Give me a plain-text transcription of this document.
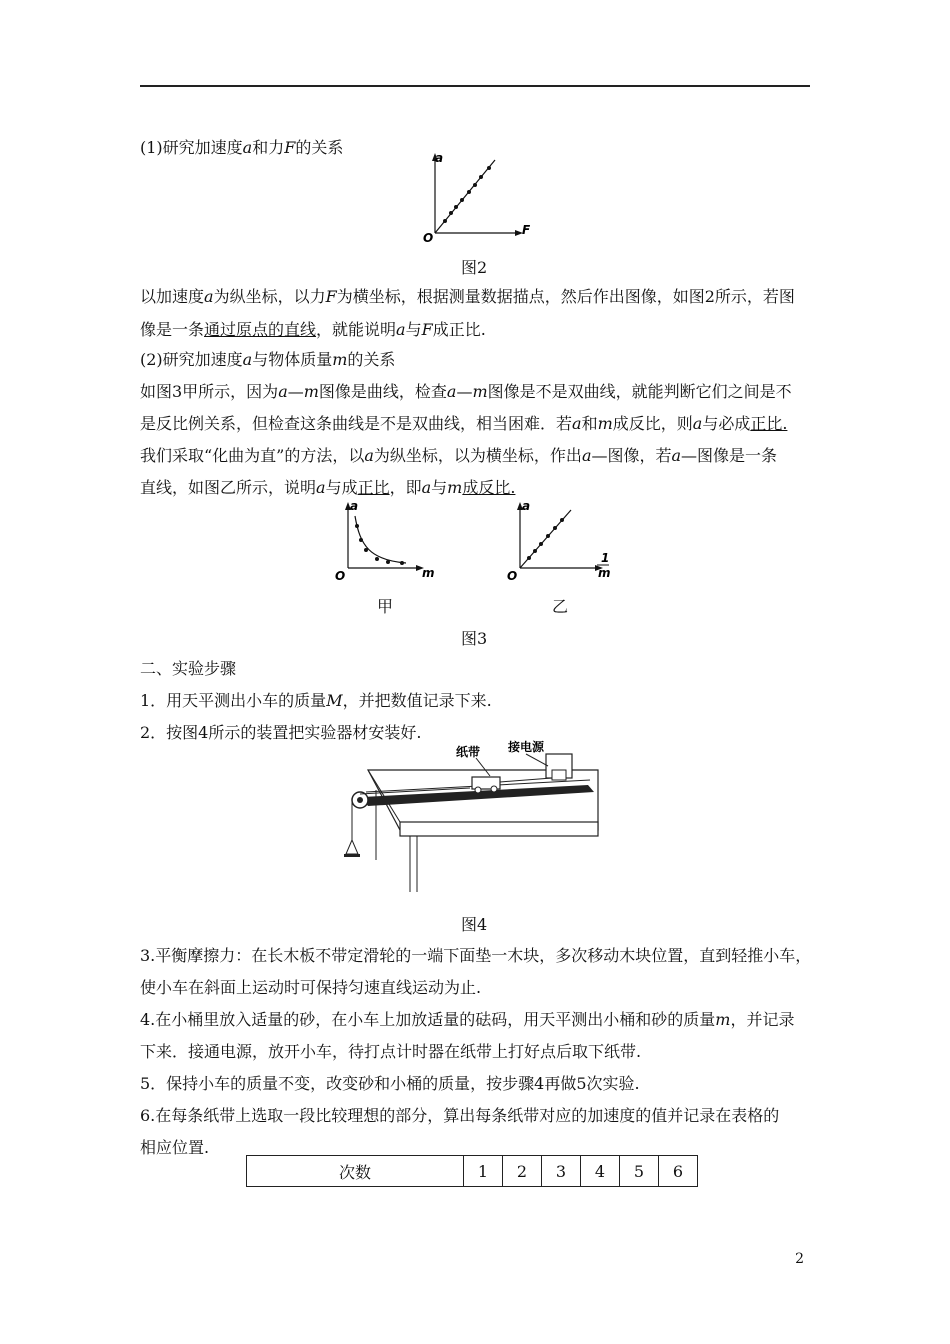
(1)研究加速度a和力F的关系
a
F
O
图2
以加速度a为纵坐标，以力F为横坐标，根据测量数据描点，然后作出图像，如图2所示，若图
像是一条通过原点的直线，就能说明a与F成正比.
(2)研究加速度a与物体质量m的关系
如图3甲所示，因为a—m图像是曲线，检查a—m图像是不是双曲线，就能判断它们之间是不
是反比例关系，但检查这条曲线是不是双曲线，相当困难．若a和m成反比，则a与必成正比.
我们采取“化曲为直”的方法，以a为纵坐标，以为横坐标，作出a—图像，若a—图像是一条
直线，如图乙所示，说明a与成正比，即a与m成反比.
a
m
O
甲
a
1
m
O
乙
图3
二、实验步骤
1．用天平测出小车的质量M，并把数值记录下来.
2．按图4所示的装置把实验器材安装好.
纸带 接电源
图4
3.平衡摩擦力：在长木板不带定滑轮的一端下面垫一木块，多次移动木块位置，直到轻推小车，
使小车在斜面上运动时可保持匀速直线运动为止.
4.在小桶里放入适量的砂，在小车上加放适量的砝码，用天平测出小桶和砂的质量m，并记录
下来．接通电源，放开小车，待打点计时器在纸带上打好点后取下纸带.
5．保持小车的质量不变，改变砂和小桶的质量，按步骤4再做5次实验.
6.在每条纸带上选取一段比较理想的部分，算出每条纸带对应的加速度的值并记录在表格的
相应位置.
次数	1	2	3	4	5	6
2
